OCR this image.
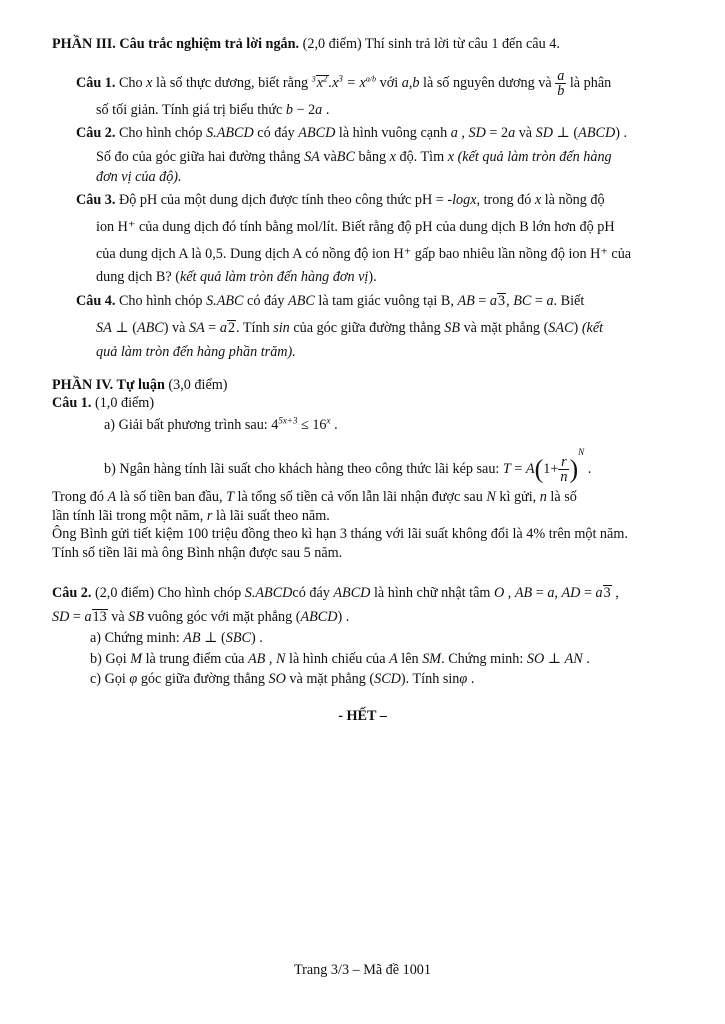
PHẦN III. Câu trắc nghiệm trả lời ngắn. (2,0 điểm) Thí sinh trả lời từ câu 1 đến câu 4.
Câu 1. Cho x là số thực dương, biết rằng $^3x^2.x^3 = x^{a/b}$ với a,b là số nguyên dương và $\frac{a}{b}$ là phân
số tối giản. Tính giá trị biểu thức b − 2a .
Câu 2. Cho hình chóp S.ABCD có đáy ABCD là hình vuông cạnh a , SD = 2a và SD ⊥ (ABCD) .
Số đo của góc giữa hai đường thẳng SA vàBC bằng x độ. Tìm x (kết quả làm tròn đến hàng
đơn vị của độ).
Câu 3. Độ pH của một dung dịch được tính theo công thức pH = -logx, trong đó x là nồng độ
ion H⁺ của dung dịch đó tính bằng mol/lít. Biết rằng độ pH của dung dịch B lớn hơn độ pH
của dung dịch A là 0,5. Dung dịch A có nồng độ ion H⁺ gấp bao nhiêu lần nồng độ ion H⁺ của
dung dịch B? (kết quả làm tròn đến hàng đơn vị).
Câu 4. Cho hình chóp S.ABC có đáy ABC là tam giác vuông tại B, AB = a3, BC = a. Biết
SA ⊥ (ABC) và SA = a2. Tính sin của góc giữa đường thẳng SB và mặt phẳng (SAC) (kết
quả làm tròn đến hàng phần trăm).
PHẦN IV. Tự luận (3,0 điểm)
Câu 1. (1,0 điểm)
a) Giải bất phương trình sau: $4^{5x+3} \le 16^x$ .
b) Ngân hàng tính lãi suất cho khách hàng theo công thức lãi kép sau: $T = A(1+ \frac{r}{n} )^N$ .
Trong đó A là số tiền ban đầu, T là tổng số tiền cả vốn lẫn lãi nhận được sau N kì gửi, n là số
lần tính lãi trong một năm, r là lãi suất theo năm.
Ông Bình gửi tiết kiệm 100 triệu đồng theo kì hạn 3 tháng với lãi suất không đổi là 4% trên một năm.
Tính số tiền lãi mà ông Bình nhận được sau 5 năm.
Câu 2. (2,0 điểm) Cho hình chóp S.ABCDcó đáy ABCD là hình chữ nhật tâm O , AB = a, AD = a3 ,
SD = a13 và SB vuông góc với mặt phẳng (ABCD) .
a) Chứng minh: AB ⊥ (SBC) .
b) Gọi M là trung điểm của AB , N là hình chiếu của A lên SM. Chứng minh: SO ⊥ AN .
c) Gọi φ góc giữa đường thẳng SO và mặt phẳng (SCD). Tính sinφ .
- HẾT –
Trang 3/3 – Mã đề 1001
